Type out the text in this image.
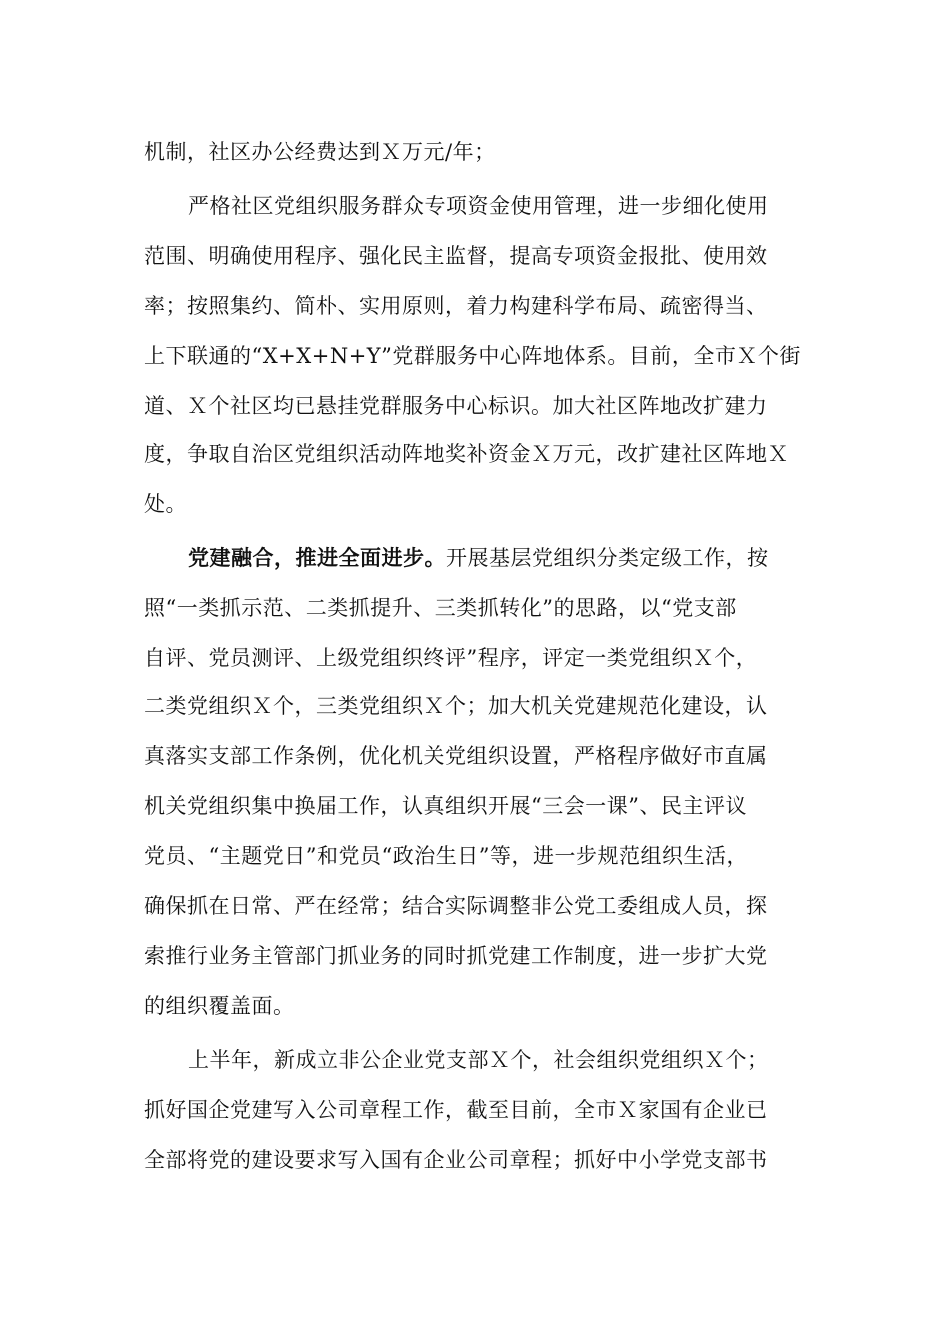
机制，社区办公经费达到Ｘ万元/年；
严格社区党组织服务群众专项资金使用管理，进一步细化使用
范围、明确使用程序、强化民主监督，提高专项资金报批、使用效
率；按照集约、简朴、实用原则，着力构建科学布局、疏密得当、
上下联通的“X+X+N+Y”党群服务中心阵地体系。目前，全市Ｘ个街
道、Ｘ个社区均已悬挂党群服务中心标识。加大社区阵地改扩建力
度，争取自治区党组织活动阵地奖补资金Ｘ万元，改扩建社区阵地Ｘ
处。
党建融合，推进全面进步。开展基层党组织分类定级工作，按
照“一类抓示范、二类抓提升、三类抓转化”的思路，以“党支部
自评、党员测评、上级党组织终评”程序，评定一类党组织Ｘ个，
二类党组织Ｘ个，三类党组织Ｘ个；加大机关党建规范化建设，认
真落实支部工作条例，优化机关党组织设置，严格程序做好市直属
机关党组织集中换届工作，认真组织开展“三会一课”、民主评议
党员、“主题党日”和党员“政治生日”等，进一步规范组织生活，
确保抓在日常、严在经常；结合实际调整非公党工委组成人员，探
索推行业务主管部门抓业务的同时抓党建工作制度，进一步扩大党
的组织覆盖面。
上半年，新成立非公企业党支部Ｘ个，社会组织党组织Ｘ个；
抓好国企党建写入公司章程工作，截至目前，全市Ｘ家国有企业已
全部将党的建设要求写入国有企业公司章程；抓好中小学党支部书
